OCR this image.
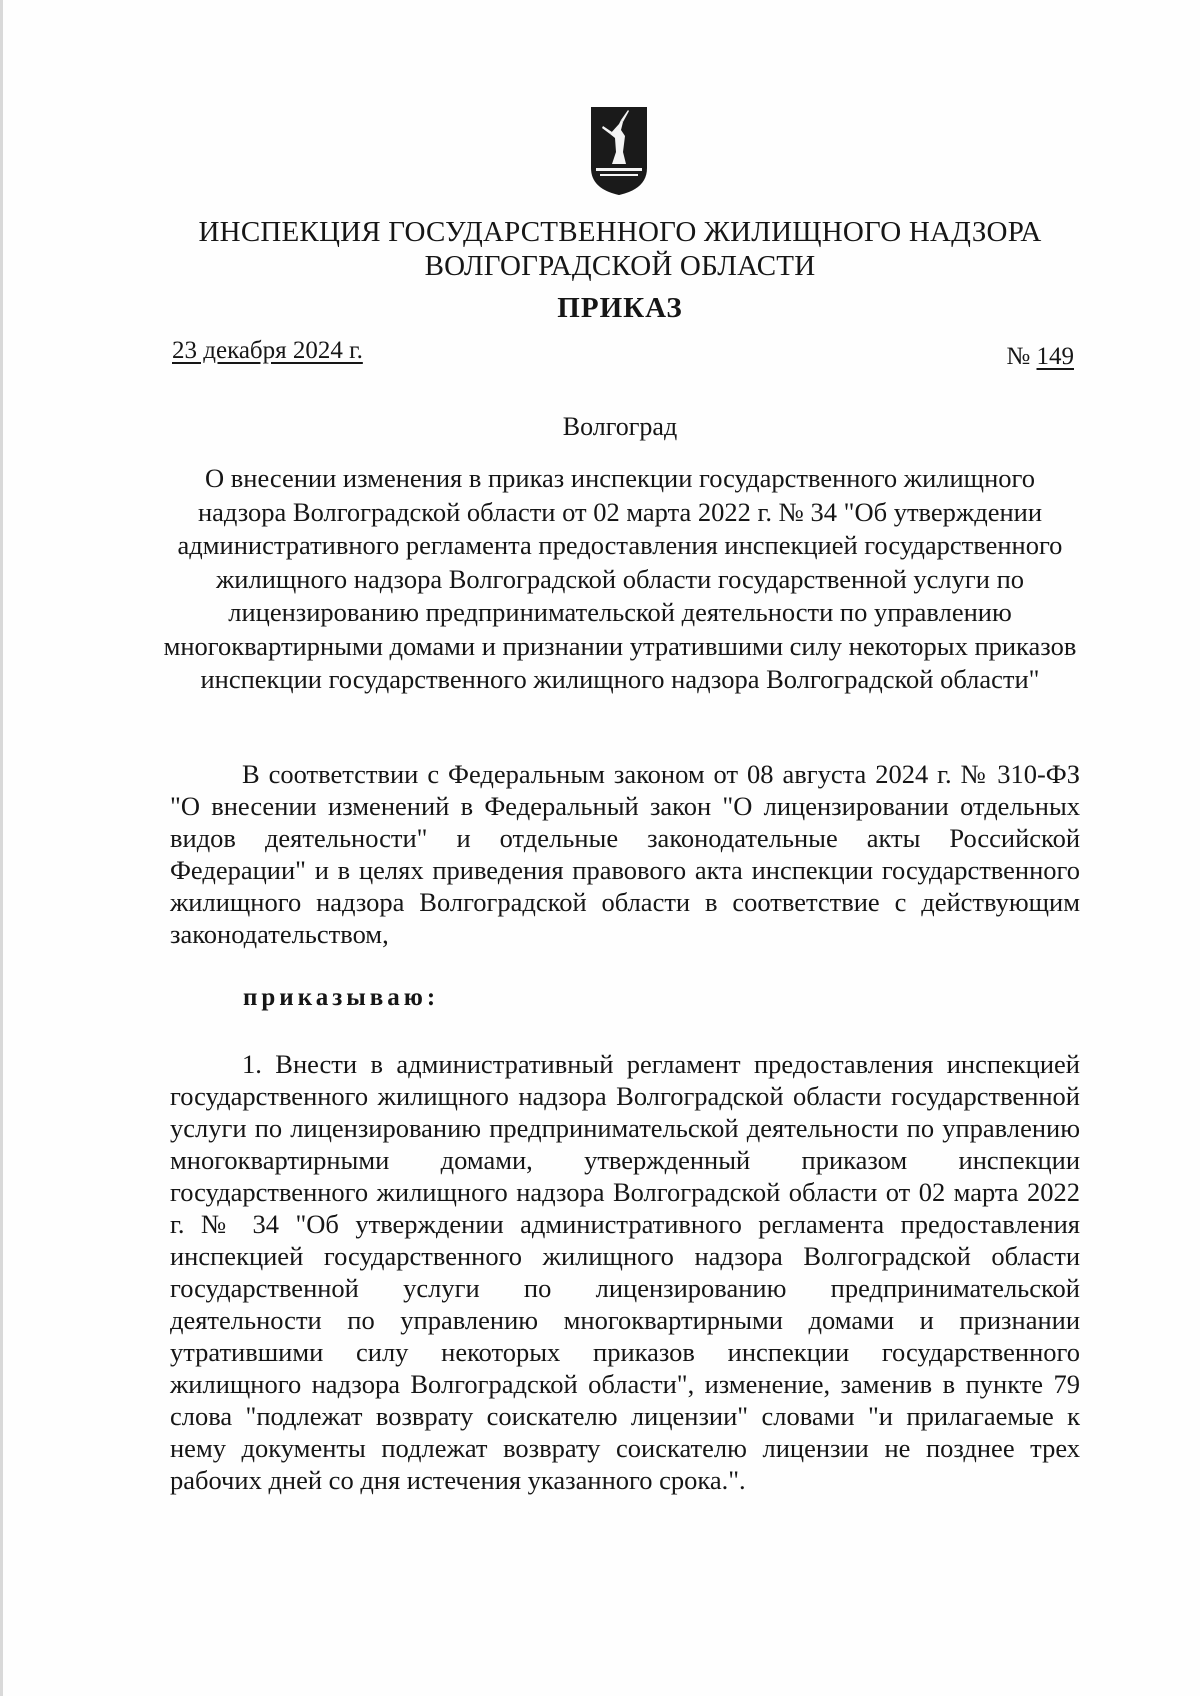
ИНСПЕКЦИЯ ГОСУДАРСТВЕННОГО ЖИЛИЩНОГО НАДЗОРА
ВОЛГОГРАДСКОЙ ОБЛАСТИ
ПРИКАЗ
23 декабря 2024 г.	№ 149
Волгоград
О внесении изменения в приказ инспекции государственного жилищного надзора Волгоградской области от 02 марта 2022 г. № 34 "Об утверждении административного регламента предоставления инспекцией государственного жилищного надзора Волгоградской области государственной услуги по лицензированию предпринимательской деятельности по управлению многоквартирными домами и признании утратившими силу некоторых приказов инспекции государственного жилищного надзора Волгоградской области"
В соответствии с Федеральным законом от 08 августа 2024 г. № 310-ФЗ "О внесении изменений в Федеральный закон "О лицензировании отдельных видов деятельности" и отдельные законодательные акты Российской Федерации" и в целях приведения правового акта инспекции государственного жилищного надзора Волгоградской области в соответствие с действующим законодательством,
приказываю:
1. Внести в административный регламент предоставления инспекцией государственного жилищного надзора Волгоградской области государственной услуги по лицензированию предпринимательской деятельности по управлению многоквартирными домами, утвержденный приказом инспекции государственного жилищного надзора Волгоградской области от 02 марта 2022 г. № 34 "Об утверждении административного регламента предоставления инспекцией государственного жилищного надзора Волгоградской области государственной услуги по лицензированию предпринимательской деятельности по управлению многоквартирными домами и признании утратившими силу некоторых приказов инспекции государственного жилищного надзора Волгоградской области", изменение, заменив в пункте 79 слова "подлежат возврату соискателю лицензии" словами "и прилагаемые к нему документы подлежат возврату соискателю лицензии не позднее трех рабочих дней со дня истечения указанного срока.".
